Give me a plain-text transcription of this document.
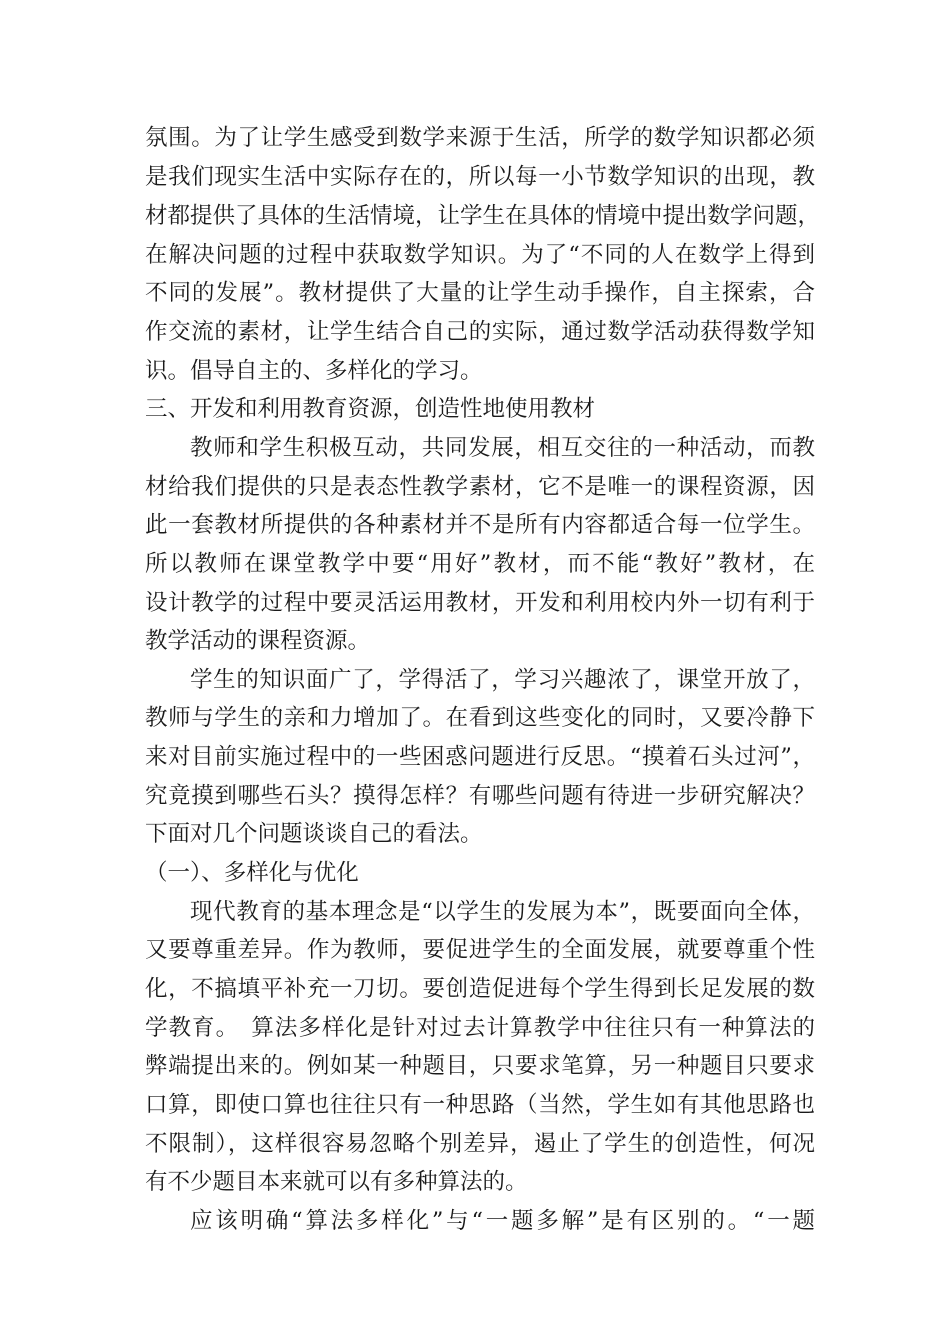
氛围。为了让学生感受到数学来源于生活，所学的数学知识都必须
是我们现实生活中实际存在的，所以每一小节数学知识的出现，教
材都提供了具体的生活情境，让学生在具体的情境中提出数学问题，
在解决问题的过程中获取数学知识。为了“不同的人在数学上得到
不同的发展”。教材提供了大量的让学生动手操作，自主探索，合
作交流的素材，让学生结合自己的实际，通过数学活动获得数学知
识。倡导自主的、多样化的学习。
三、开发和利用教育资源，创造性地使用教材
教师和学生积极互动，共同发展，相互交往的一种活动，而教
材给我们提供的只是表态性教学素材，它不是唯一的课程资源，因
此一套教材所提供的各种素材并不是所有内容都适合每一位学生。
所以教师在课堂教学中要“用好”教材，而不能“教好”教材，在
设计教学的过程中要灵活运用教材，开发和利用校内外一切有利于
教学活动的课程资源。
学生的知识面广了，学得活了，学习兴趣浓了，课堂开放了，
教师与学生的亲和力增加了。在看到这些变化的同时，又要冷静下
来对目前实施过程中的一些困惑问题进行反思。“摸着石头过河”，
究竟摸到哪些石头？摸得怎样？有哪些问题有待进一步研究解决？
下面对几个问题谈谈自己的看法。
（一）、多样化与优化
现代教育的基本理念是“以学生的发展为本”，既要面向全体，
又要尊重差异。作为教师，要促进学生的全面发展，就要尊重个性
化，不搞填平补充一刀切。要创造促进每个学生得到长足发展的数
学教育。　算法多样化是针对过去计算教学中往往只有一种算法的
弊端提出来的。例如某一种题目，只要求笔算，另一种题目只要求
口算，即使口算也往往只有一种思路（当然，学生如有其他思路也
不限制），这样很容易忽略个别差异，遏止了学生的创造性，何况
有不少题目本来就可以有多种算法的。
应该明确“算法多样化”与“一题多解”是有区别的。“一题
